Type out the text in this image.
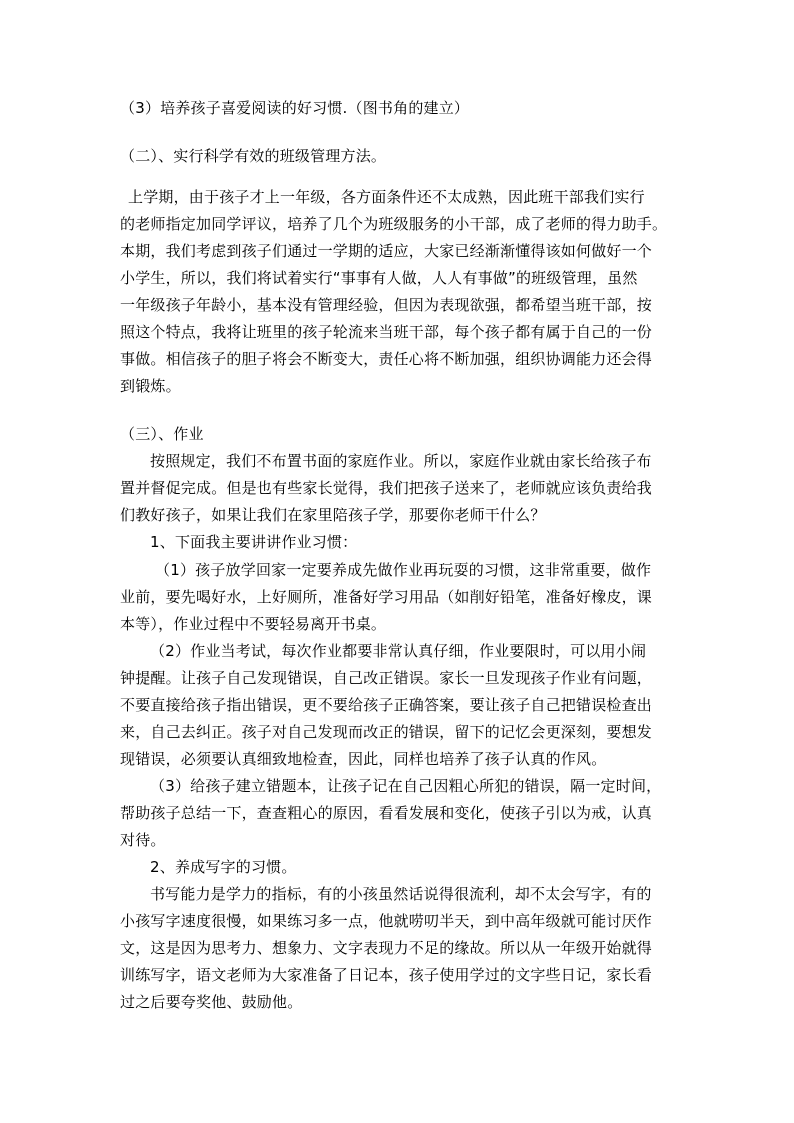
（3）培养孩子喜爱阅读的好习惯.（图书角的建立）
（二）、实行科学有效的班级管理方法。
上学期，由于孩子才上一年级，各方面条件还不太成熟，因此班干部我们实行
的老师指定加同学评议，培养了几个为班级服务的小干部，成了老师的得力助手。
本期，我们考虑到孩子们通过一学期的适应，大家已经渐渐懂得该如何做好一个
小学生，所以，我们将试着实行“事事有人做，人人有事做”的班级管理，虽然
一年级孩子年龄小，基本没有管理经验，但因为表现欲强，都希望当班干部，按
照这个特点，我将让班里的孩子轮流来当班干部，每个孩子都有属于自己的一份
事做。相信孩子的胆子将会不断变大，责任心将不断加强，组织协调能力还会得
到锻炼。
（三）、作业
按照规定，我们不布置书面的家庭作业。所以，家庭作业就由家长给孩子布
置并督促完成。但是也有些家长觉得，我们把孩子送来了，老师就应该负责给我
们教好孩子，如果让我们在家里陪孩子学，那要你老师干什么？
1、下面我主要讲讲作业习惯：
（1）孩子放学回家一定要养成先做作业再玩耍的习惯，这非常重要，做作
业前，要先喝好水，上好厕所，准备好学习用品（如削好铅笔，准备好橡皮，课
本等），作业过程中不要轻易离开书桌。
（2）作业当考试，每次作业都要非常认真仔细，作业要限时，可以用小闹
钟提醒。让孩子自己发现错误，自己改正错误。家长一旦发现孩子作业有问题，
不要直接给孩子指出错误，更不要给孩子正确答案，要让孩子自己把错误检查出
来，自己去纠正。孩子对自己发现而改正的错误，留下的记忆会更深刻，要想发
现错误，必须要认真细致地检查，因此，同样也培养了孩子认真的作风。
（3）给孩子建立错题本，让孩子记在自己因粗心所犯的错误，隔一定时间，
帮助孩子总结一下，查查粗心的原因，看看发展和变化，使孩子引以为戒，认真
对待。
2、养成写字的习惯。
书写能力是学力的指标，有的小孩虽然话说得很流利，却不太会写字，有的
小孩写字速度很慢，如果练习多一点，他就唠叨半天，到中高年级就可能讨厌作
文，这是因为思考力、想象力、文字表现力不足的缘故。所以从一年级开始就得
训练写字，语文老师为大家准备了日记本，孩子使用学过的文字些日记，家长看
过之后要夸奖他、鼓励他。
